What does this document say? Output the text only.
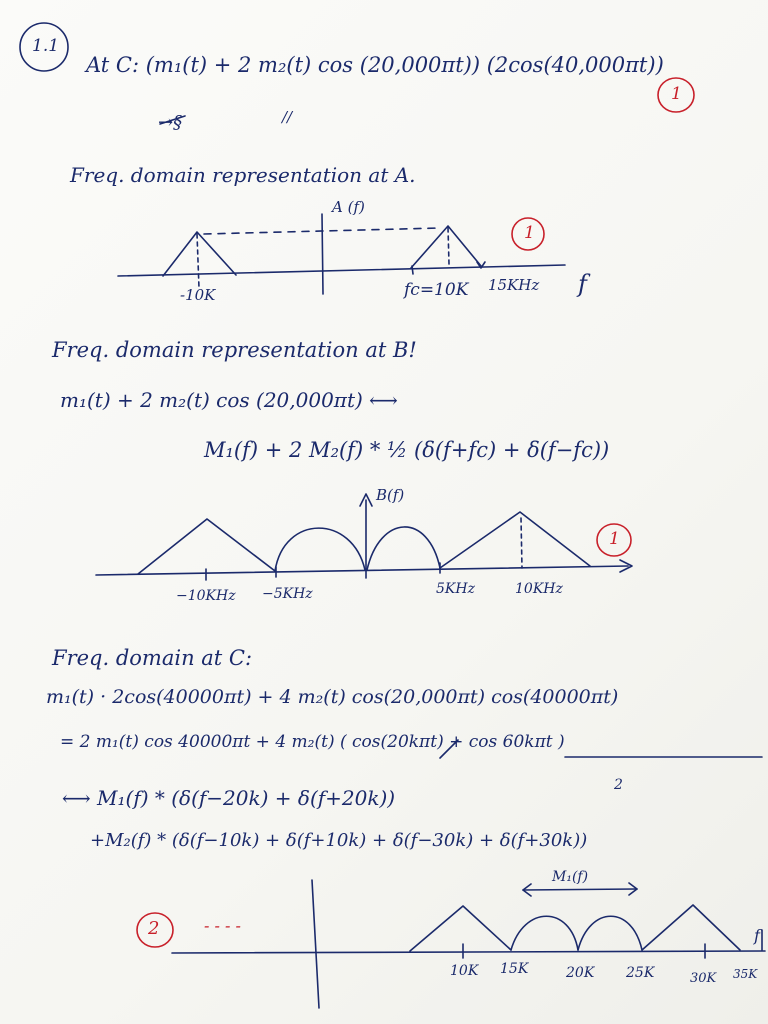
1.1
At C: (m₁(t) + 2 m₂(t) cos (20,000πt)) (2cos(40,000πt))
1
//
→§
Freq. domain representation at A.
A (f)
1
-10K	fc=10K 15KHz f
Freq. domain representation at B!
m₁(t) + 2 m₂(t) cos (20,000πt) ⟷
M₁(f) + 2 M₂(f) * ½ (δ(f+fc) + δ(f−fc))
B(f)
1
−10KHz −5KHz	5KHz	10KHz
Freq. domain at C:
m₁(t) · 2cos(40000πt) + 4 m₂(t) cos(20,000πt) cos(40000πt)
= 2 m₁(t) cos 40000πt + 4 m₂(t) ( cos(20kπt) + cos 60kπt )
2
⟷ M₁(f) * (δ(f−20k) + δ(f+20k))
+M₂(f) * (δ(f−10k) + δ(f+10k) + δ(f−30k) + δ(f+30k))
M₁(f)
2	- - - -
10K 15K	20K 25K	30K 35K
f
